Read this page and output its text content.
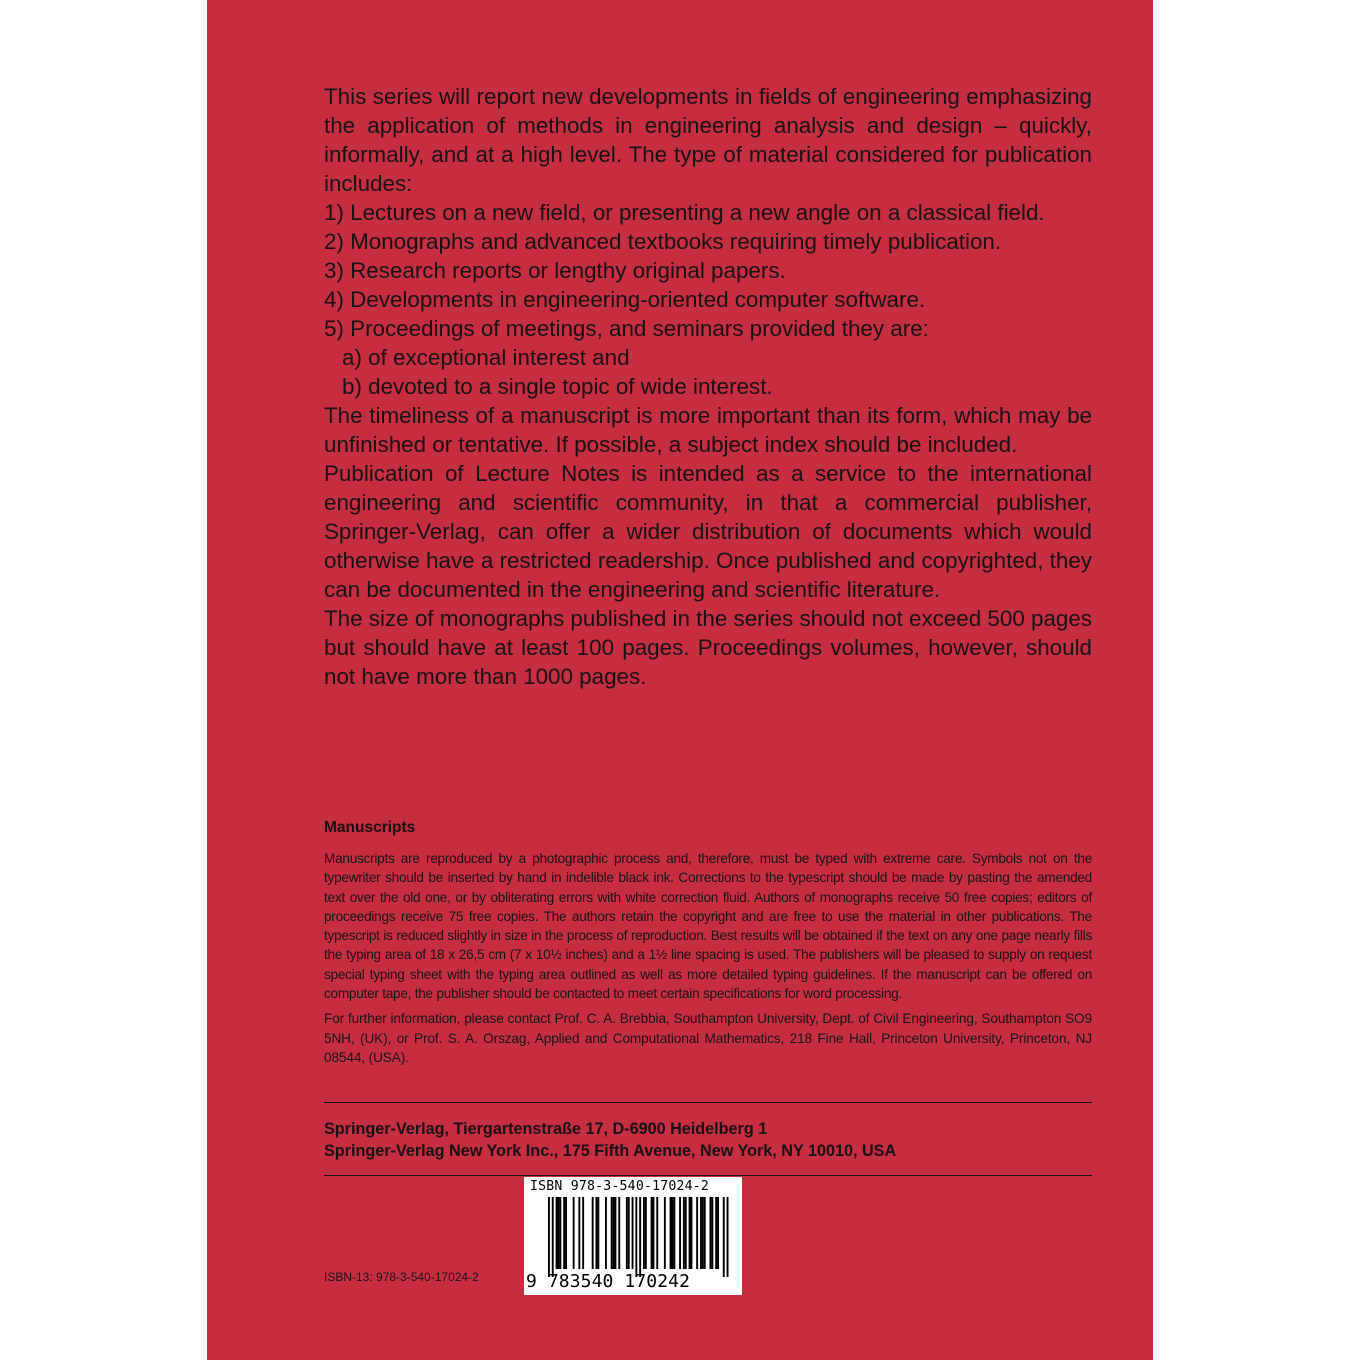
This series will report new developments in fields of engineering emphasizing the application of methods in engineering analysis and design – quickly, informally, and at a high level. The type of material considered for publication includes:

1) Lectures on a new field, or presenting a new angle on a classical field.
2) Monographs and advanced textbooks requiring timely publication.
3) Research reports or lengthy original papers.
4) Developments in engineering-oriented computer software.
5) Proceedings of meetings, and seminars provided they are:
a) of exceptional interest and
b) devoted to a single topic of wide interest.

The timeliness of a manuscript is more important than its form, which may be unfinished or tentative. If possible, a subject index should be included.

Publication of Lecture Notes is intended as a service to the international engineering and scientific community, in that a commercial publisher, Springer-Verlag, can offer a wider distribution of documents which would otherwise have a restricted readership. Once published and copyrighted, they can be documented in the engineering and scientific literature.

The size of monographs published in the series should not exceed 500 pages but should have at least 100 pages. Proceedings volumes, however, should not have more than 1000 pages.

Manuscripts

Manuscripts are reproduced by a photographic process and, therefore, must be typed with extreme care. Symbols not on the typewriter should be inserted by hand in indelible black ink. Corrections to the typescript should be made by pasting the amended text over the old one, or by obliterating errors with white correction fluid. Authors of monographs receive 50 free copies; editors of proceedings receive 75 free copies. The authors retain the copyright and are free to use the material in other publications. The typescript is reduced slightly in size in the process of reproduction. Best results will be obtained if the text on any one page nearly fills the typing area of 18 x 26,5 cm (7 x 10½ inches) and a 1½ line spacing is used. The publishers will be pleased to supply on request special typing sheet with the typing area outlined as well as more detailed typing guidelines. If the manuscript can be offered on computer tape, the publisher should be contacted to meet certain specifications for word processing.

For further information, please contact Prof. C. A. Brebbia, Southampton University, Dept. of Civil Engineering, Southampton SO9 5NH, (UK), or Prof. S. A. Orszag, Applied and Computational Mathematics, 218 Fine Hall, Princeton University, Princeton, NJ 08544, (USA).

Springer-Verlag, Tiergartenstraße 17, D-6900 Heidelberg 1
Springer-Verlag New York Inc., 175 Fifth Avenue, New York, NY 10010, USA
ISBN-13: 978-3-540-17024-2
ISBN 978-3-540-17024-2
9 783540 170242
